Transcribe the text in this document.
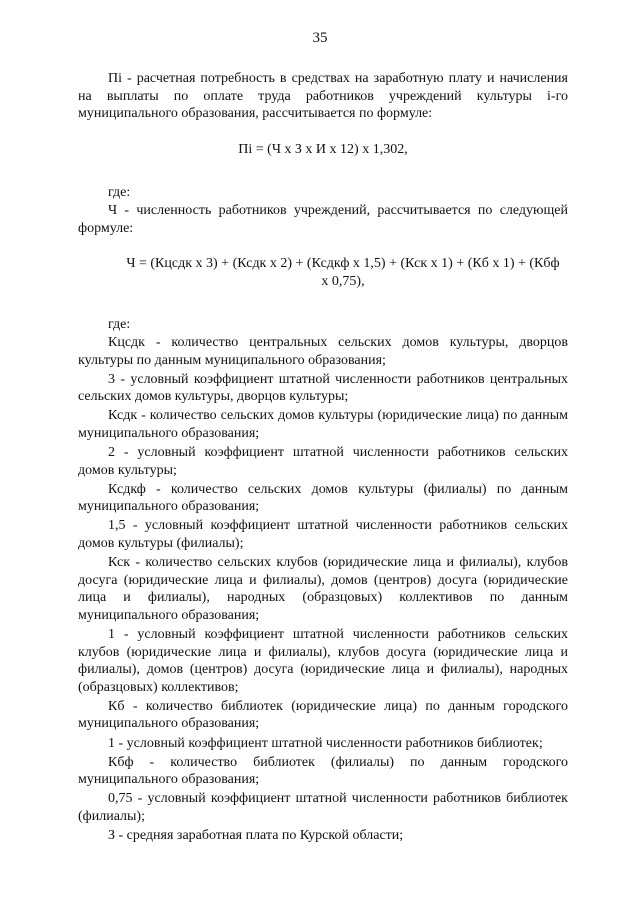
35

Пi - расчетная потребность в средствах на заработную плату и начисления на выплаты по оплате труда работников учреждений культуры i-го муниципального образования, рассчитывается по формуле:

Пi = (Ч х З х И х 12) х 1,302,

где:

Ч - численность работников учреждений, рассчитывается по следующей формуле:

Ч = (Кцсдк х 3) + (Ксдк х 2) + (Ксдкф х 1,5) + (Кск х 1) + (Кб х 1) + (Кбф
х 0,75),

где:

Кцсдк - количество центральных сельских домов культуры, дворцов культуры по данным муниципального образования;

3 - условный коэффициент штатной численности работников центральных сельских домов культуры, дворцов культуры;

Ксдк - количество сельских домов культуры (юридические лица) по данным муниципального образования;

2 - условный коэффициент штатной численности работников сельских домов культуры;

Ксдкф - количество сельских домов культуры (филиалы) по данным муниципального образования;

1,5 - условный коэффициент штатной численности работников сельских домов культуры (филиалы);

Кск - количество сельских клубов (юридические лица и филиалы), клубов досуга (юридические лица и филиалы), домов (центров) досуга (юридические лица и филиалы), народных (образцовых) коллективов по данным муниципального образования;

1 - условный коэффициент штатной численности работников сельских клубов (юридические лица и филиалы), клубов досуга (юридические лица и филиалы), домов (центров) досуга (юридические лица и филиалы), народных (образцовых) коллективов;

Кб - количество библиотек (юридические лица) по данным городского муниципального образования;

1 - условный коэффициент штатной численности работников библиотек;

Кбф - количество библиотек (филиалы) по данным городского муниципального образования;

0,75 - условный коэффициент штатной численности работников библиотек (филиалы);

З - средняя заработная плата по Курской области;
